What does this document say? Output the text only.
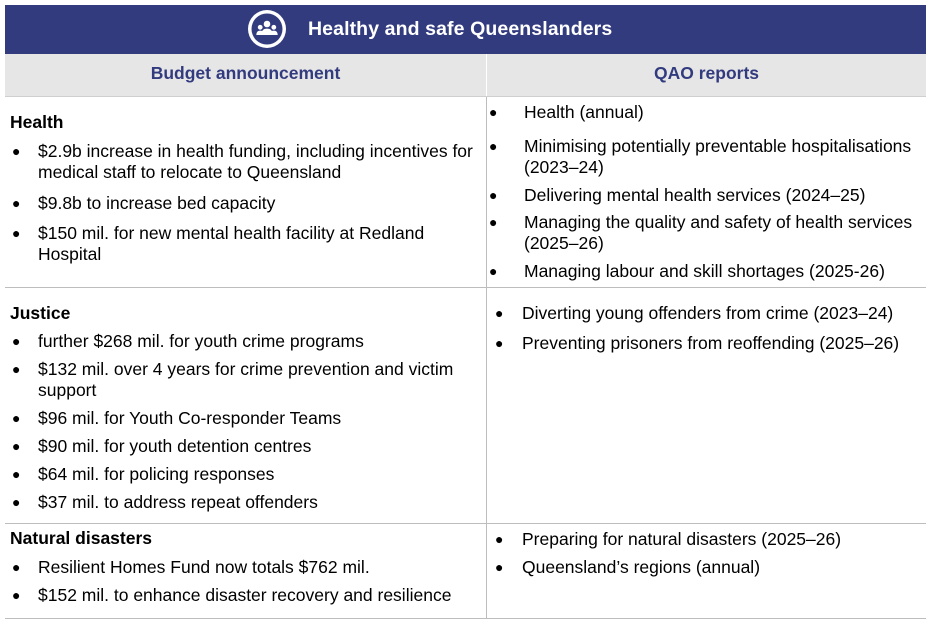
Healthy and safe Queenslanders
Budget announcement	QAO reports
Health
● $2.9b increase in health funding, including incentives for medical staff to relocate to Queensland
● $9.8b to increase bed capacity
● $150 mil. for new mental health facility at Redland Hospital
● Health (annual)
● Minimising potentially preventable hospitalisations (2023–24)
● Delivering mental health services (2024–25)
● Managing the quality and safety of health services (2025–26)
● Managing labour and skill shortages (2025-26)
Justice
● further $268 mil. for youth crime programs
● $132 mil. over 4 years for crime prevention and victim support
● $96 mil. for Youth Co-responder Teams
● $90 mil. for youth detention centres
● $64 mil. for policing responses
● $37 mil. to address repeat offenders
● Diverting young offenders from crime (2023–24)
● Preventing prisoners from reoffending (2025–26)
Natural disasters
● Resilient Homes Fund now totals $762 mil.
● $152 mil. to enhance disaster recovery and resilience
● Preparing for natural disasters (2025–26)
● Queensland’s regions (annual)
